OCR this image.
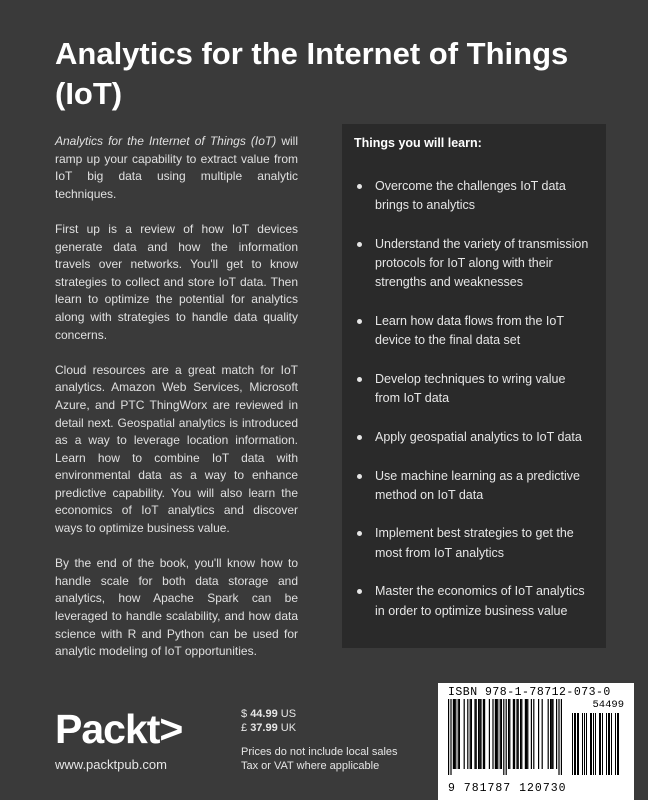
Analytics for the Internet of Things (IoT)

Analytics for the Internet of Things (IoT) will ramp up your capability to extract value from IoT big data using multiple analytic techniques.

First up is a review of how IoT devices generate data and how the information travels over networks. You'll get to know strategies to collect and store IoT data. Then learn to optimize the potential for analytics along with strategies to handle data quality concerns.

Cloud resources are a great match for IoT analytics. Amazon Web Services, Microsoft Azure, and PTC ThingWorx are reviewed in detail next. Geospatial analytics is introduced as a way to leverage location information. Learn how to combine IoT data with environmental data as a way to enhance predictive capability. You will also learn the economics of IoT analytics and discover ways to optimize business value.

By the end of the book, you'll know how to handle scale for both data storage and analytics, how Apache Spark can be leveraged to handle scalability, and how data science with R and Python can be used for analytic modeling of IoT opportunities.

Things you will learn:
Overcome the challenges IoT data brings to analytics
Understand the variety of transmission protocols for IoT along with their strengths and weaknesses
Learn how data flows from the IoT device to the final data set
Develop techniques to wring value from IoT data
Apply geospatial analytics to IoT data
Use machine learning as a predictive method on IoT data
Implement best strategies to get the most from IoT analytics
Master the economics of IoT analytics in order to optimize business value
Packt>
www.packtpub.com
$ 44.99 US
£ 37.99 UK
Prices do not include local sales
Tax or VAT where applicable
ISBN 978-1-78712-073-0
54499
9 781787 120730
